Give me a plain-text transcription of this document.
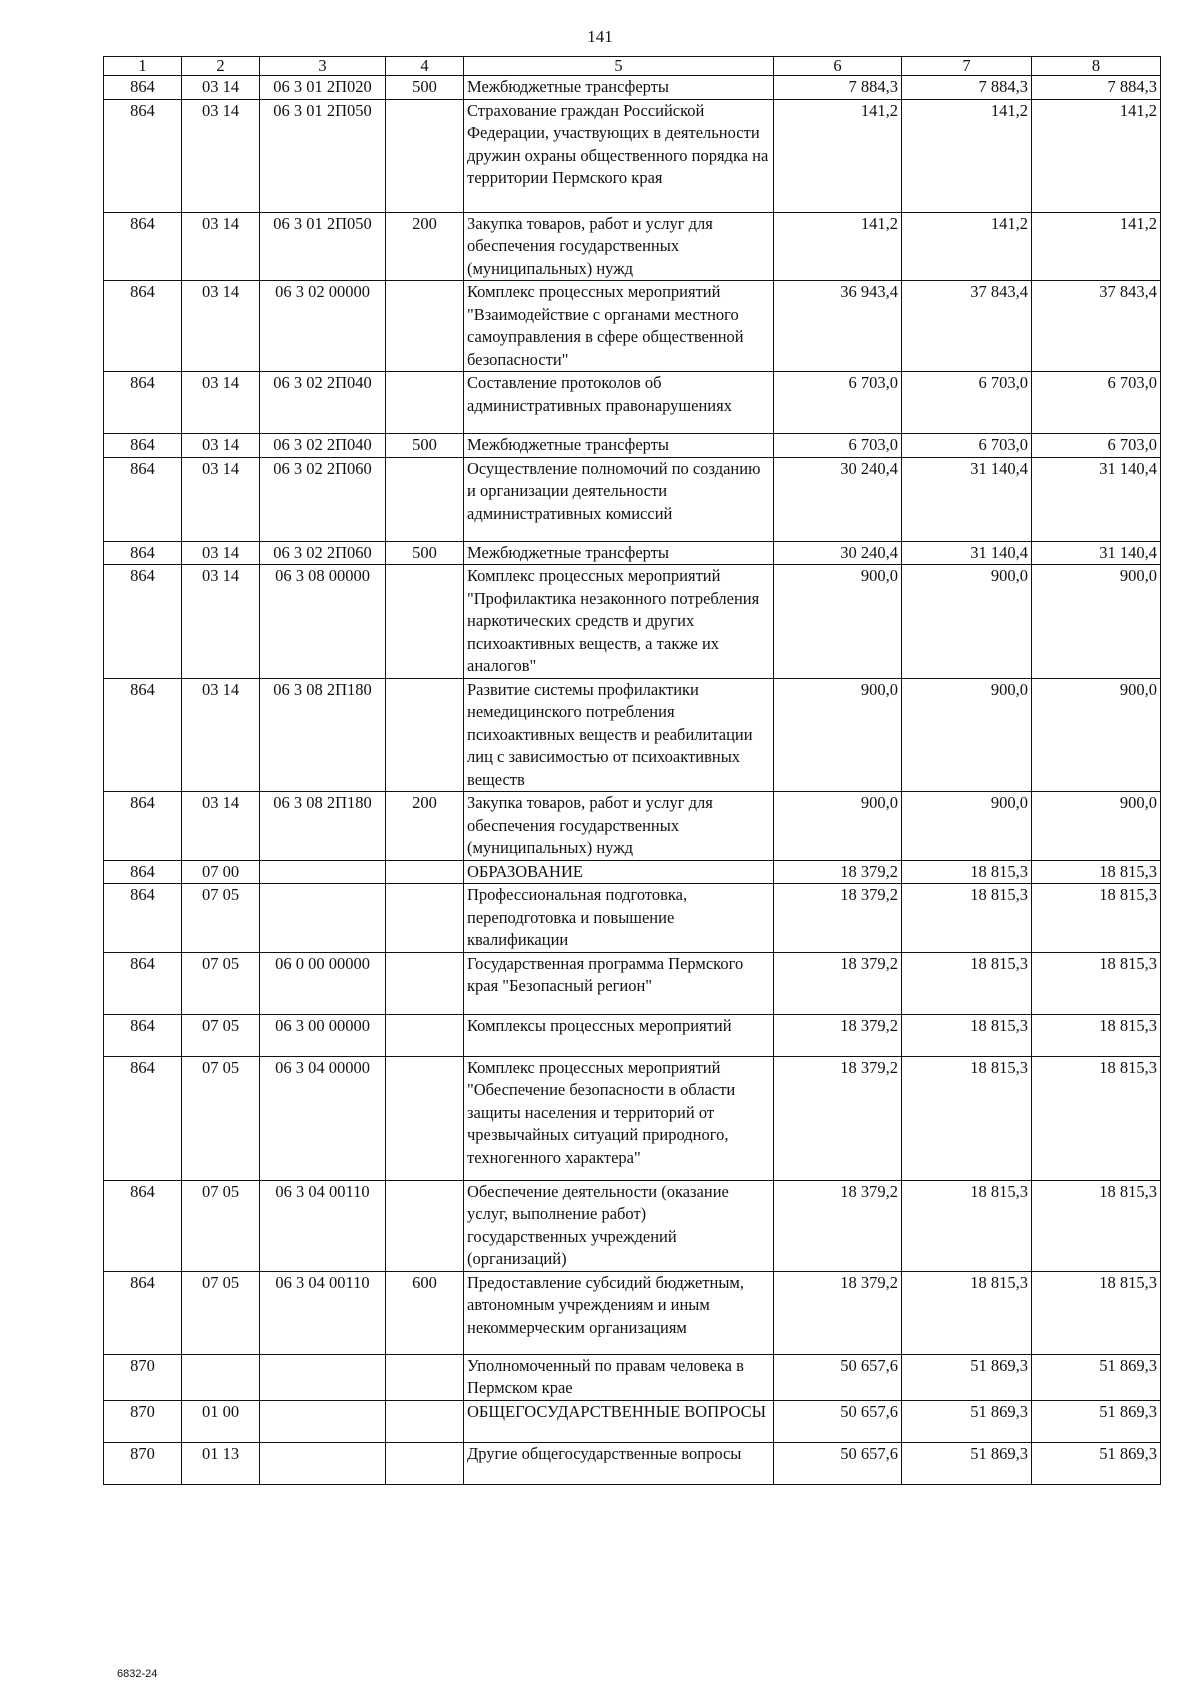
141
1	2	3	4	5	6	7	8
864	03 14	06 3 01 2П020	500	Межбюджетные трансферты	7 884,3	7 884,3	7 884,3
864	03 14	06 3 01 2П050		Страхование граждан Российской Федерации, участвующих в деятельности дружин охраны общественного порядка на территории Пермского края	141,2	141,2	141,2
864	03 14	06 3 01 2П050	200	Закупка товаров, работ и услуг для обеспечения государственных (муниципальных) нужд	141,2	141,2	141,2
864	03 14	06 3 02 00000		Комплекс процессных мероприятий "Взаимодействие с органами местного самоуправления в сфере общественной безопасности"	36 943,4	37 843,4	37 843,4
864	03 14	06 3 02 2П040		Составление протоколов об административных правонарушениях	6 703,0	6 703,0	6 703,0
864	03 14	06 3 02 2П040	500	Межбюджетные трансферты	6 703,0	6 703,0	6 703,0
864	03 14	06 3 02 2П060		Осуществление полномочий по созданию и организации деятельности административных комиссий	30 240,4	31 140,4	31 140,4
864	03 14	06 3 02 2П060	500	Межбюджетные трансферты	30 240,4	31 140,4	31 140,4
864	03 14	06 3 08 00000		Комплекс процессных мероприятий "Профилактика незаконного потребления наркотических средств и других психоактивных веществ, а также их аналогов"	900,0	900,0	900,0
864	03 14	06 3 08 2П180		Развитие системы профилактики немедицинского потребления психоактивных веществ и реабилитации лиц с зависимостью от психоактивных веществ	900,0	900,0	900,0
864	03 14	06 3 08 2П180	200	Закупка товаров, работ и услуг для обеспечения государственных (муниципальных) нужд	900,0	900,0	900,0
864	07 00			ОБРАЗОВАНИЕ	18 379,2	18 815,3	18 815,3
864	07 05			Профессиональная подготовка, переподготовка и повышение квалификации	18 379,2	18 815,3	18 815,3
864	07 05	06 0 00 00000		Государственная программа Пермского края "Безопасный регион"	18 379,2	18 815,3	18 815,3
864	07 05	06 3 00 00000		Комплексы процессных мероприятий	18 379,2	18 815,3	18 815,3
864	07 05	06 3 04 00000		Комплекс процессных мероприятий "Обеспечение безопасности в области защиты населения и территорий от чрезвычайных ситуаций природного, техногенного характера"	18 379,2	18 815,3	18 815,3
864	07 05	06 3 04 00110		Обеспечение деятельности (оказание услуг, выполнение работ) государственных учреждений (организаций)	18 379,2	18 815,3	18 815,3
864	07 05	06 3 04 00110	600	Предоставление субсидий бюджетным, автономным учреждениям и иным некоммерческим организациям	18 379,2	18 815,3	18 815,3
870				Уполномоченный по правам человека в Пермском крае	50 657,6	51 869,3	51 869,3
870	01 00			ОБЩЕГОСУДАРСТВЕННЫЕ ВОПРОСЫ	50 657,6	51 869,3	51 869,3
870	01 13			Другие общегосударственные вопросы	50 657,6	51 869,3	51 869,3
6832-24
